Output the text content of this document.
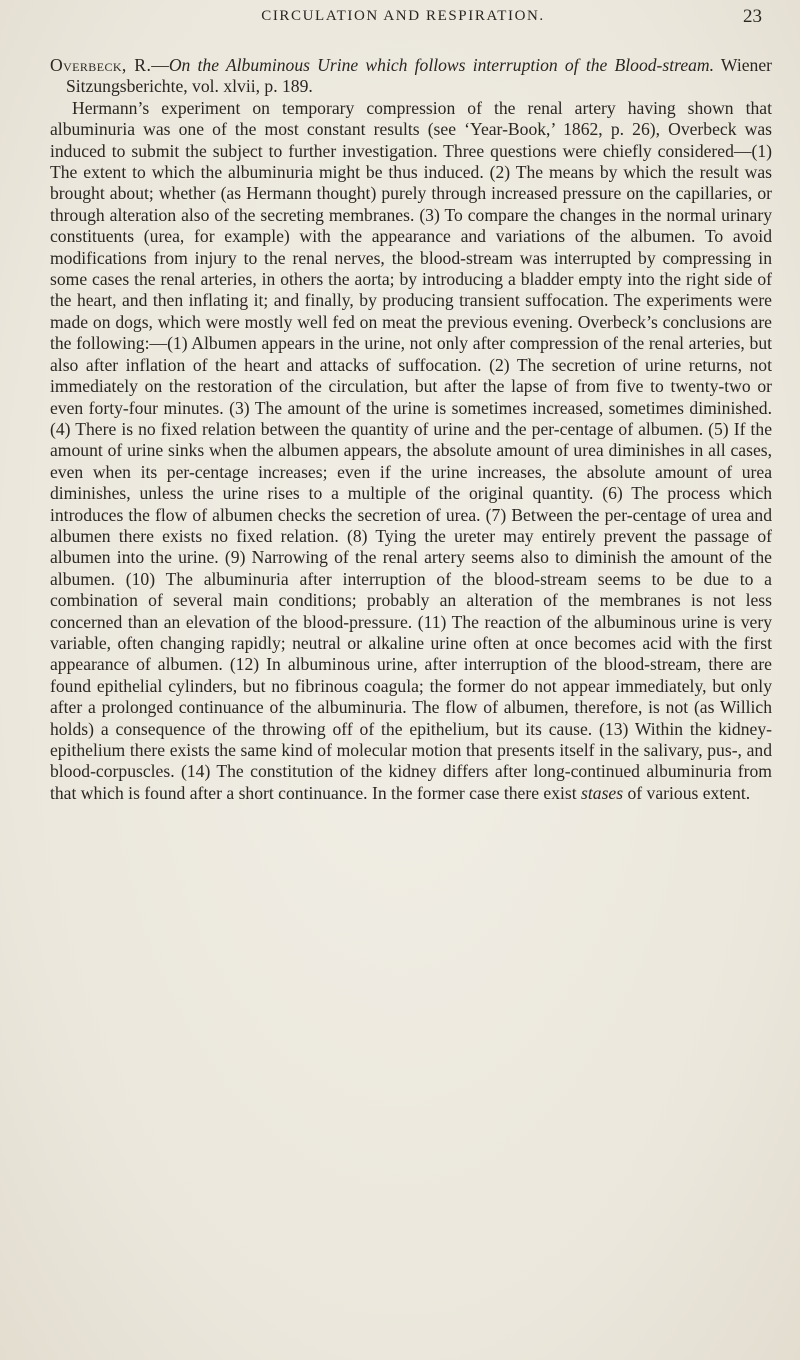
CIRCULATION AND RESPIRATION.	23

Overbeck, R.—On the Albuminous Urine which follows interruption of the Blood-stream. Wiener Sitzungsberichte, vol. xlvii, p. 189.

Hermann’s experiment on temporary compression of the renal artery having shown that albuminuria was one of the most constant results (see ‘Year-Book,’ 1862, p. 26), Overbeck was induced to submit the subject to further investigation. Three questions were chiefly considered—(1) The extent to which the albuminuria might be thus induced. (2) The means by which the result was brought about; whether (as Hermann thought) purely through increased pressure on the capillaries, or through alteration also of the secreting membranes. (3) To compare the changes in the normal urinary constituents (urea, for example) with the appearance and variations of the albumen. To avoid modifications from injury to the renal nerves, the blood-stream was interrupted by compressing in some cases the renal arteries, in others the aorta; by introducing a bladder empty into the right side of the heart, and then inflating it; and finally, by producing transient suffocation. The experiments were made on dogs, which were mostly well fed on meat the previous evening. Overbeck’s conclusions are the following:—(1) Albumen appears in the urine, not only after compression of the renal arteries, but also after inflation of the heart and attacks of suffocation. (2) The secretion of urine returns, not immediately on the restoration of the circulation, but after the lapse of from five to twenty-two or even forty-four minutes. (3) The amount of the urine is sometimes increased, sometimes diminished. (4) There is no fixed relation between the quantity of urine and the per-centage of albumen. (5) If the amount of urine sinks when the albumen appears, the absolute amount of urea diminishes in all cases, even when its per-centage increases; even if the urine increases, the absolute amount of urea diminishes, unless the urine rises to a multiple of the original quantity. (6) The process which introduces the flow of albumen checks the secretion of urea. (7) Between the per-centage of urea and albumen there exists no fixed relation. (8) Tying the ureter may entirely prevent the passage of albumen into the urine. (9) Narrowing of the renal artery seems also to diminish the amount of the albumen. (10) The albuminuria after interruption of the blood-stream seems to be due to a combination of several main conditions; probably an alteration of the membranes is not less concerned than an elevation of the blood-pressure. (11) The reaction of the albuminous urine is very variable, often changing rapidly; neutral or alkaline urine often at once becomes acid with the first appearance of albumen. (12) In albuminous urine, after interruption of the blood-stream, there are found epithelial cylinders, but no fibrinous coagula; the former do not appear immediately, but only after a prolonged continuance of the albuminuria. The flow of albumen, therefore, is not (as Willich holds) a consequence of the throwing off of the epithelium, but its cause. (13) Within the kidney-epithelium there exists the same kind of molecular motion that presents itself in the salivary, pus-, and blood-corpuscles. (14) The constitution of the kidney differs after long-continued albuminuria from that which is found after a short continuance. In the former case there exist stases of various extent.
